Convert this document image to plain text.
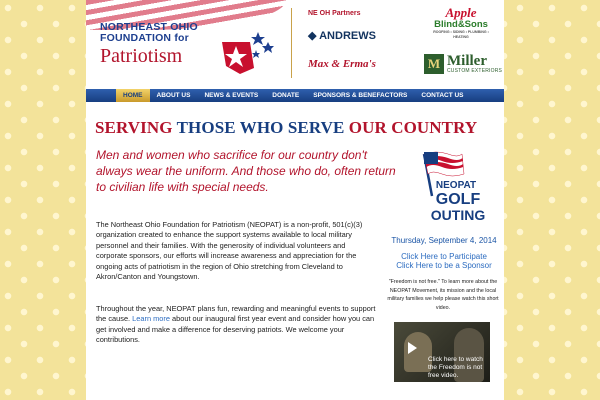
NORTHEAST OHIO
FOUNDATION for
Patriotism
NE OH Partners
◆ ANDREWS
Max & Erma's
Apple
Blind&Sons
ROOFING • SIDING • PLUMBING • HEATING
M Miller
CUSTOM EXTERIORS
HOME	ABOUT US	NEWS & EVENTS	DONATE	SPONSORS & BENEFACTORS	CONTACT US
SERVING THOSE WHO SERVE OUR COUNTRY

Men and women who sacrifice for our country don't always wear the uniform. And those who do, often return to civilian life with special needs.

The Northeast Ohio Foundation for Patriotism (NEOPAT) is a non-profit, 501(c)(3) organization created to enhance the support systems available to local military personnel and their families. With the generosity of individual volunteers and corporate sponsors, our efforts will increase awareness and appreciation for the ongoing acts of patriotism in the region of Ohio stretching from Cleveland to Akron/Canton and Youngstown.

Throughout the year, NEOPAT plans fun, rewarding and meaningful events to support the cause. Learn more about our inaugural first year event and consider how you can get involved and make a difference for deserving patriots. We welcome your contributions.

NEOPAT
GOLF
OUTING
Thursday, September 4, 2014
Click Here to Participate
Click Here to be a Sponsor

"Freedom is not free." To learn more about the NEOPAT Movement, its mission and the local military families we help please watch this short video.

Click here to watch the Freedom is not free video.
